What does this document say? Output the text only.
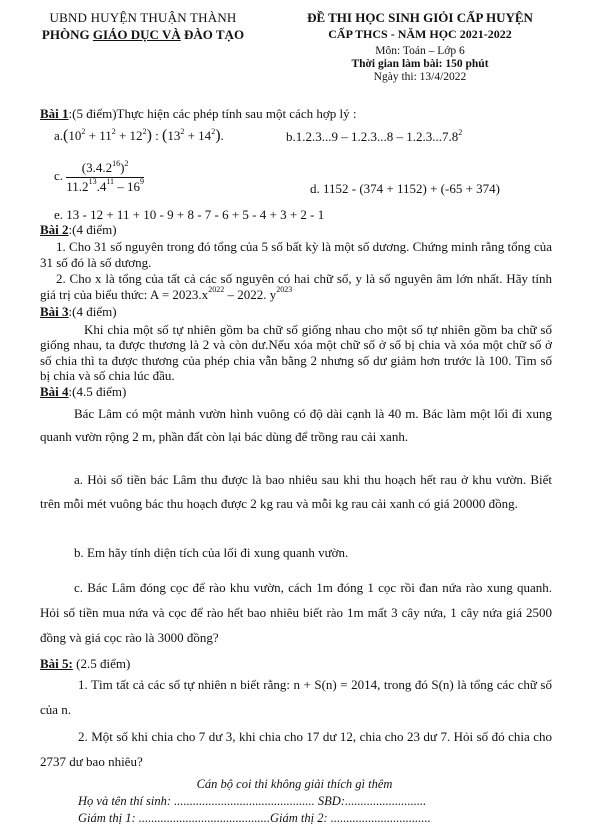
UBND HUYỆN THUẬN THÀNH
PHÒNG GIÁO DỤC VÀ ĐÀO TẠO
ĐỀ THI HỌC SINH GIỎI CẤP HUYỆN
CẤP THCS - NĂM HỌC 2021-2022
Môn: Toán – Lớp 6
Thời gian làm bài: 150 phút
Ngày thi: 13/4/2022
Bài 1:(5 điểm)Thực hiện các phép tính sau một cách hợp lý :
$a.(10^2 + 11^2 + 12^2)$ : $(13^2 + 14^2)$.	b.1.2.3...9 – 1.2.3...8 – 1.2.3...7.8$^2$
c. $\frac{(3.4.2^{16})^2}{11.2^{13}.4^{11} - 16^9}$	d. 1152 - (374 + 1152) + (-65 + 374)
e. 13 - 12 + 11 + 10 - 9 + 8 - 7 - 6 + 5 - 4 + 3 + 2 - 1
Bài 2:(4 điểm)
1. Cho 31 số nguyên trong đó tổng của 5 số bất kỳ là một số dương. Chứng minh rằng tổng của 31 số đó là số dương.
2. Cho x là tổng của tất cả các số nguyên có hai chữ số, y là số nguyên âm lớn nhất. Hãy tính giá trị của biểu thức: $A = 2023.x^{2022} - 2022$. $y^{2023}$
Bài 3:(4 điểm)
Khi chia một số tự nhiên gồm ba chữ số giống nhau cho một số tự nhiên gồm ba chữ số giống nhau, ta được thương là 2 và còn dư.Nếu xóa một chữ số ở số bị chia và xóa một chữ số ở số chia thì ta được thương của phép chia vẫn bằng 2 nhưng số dư giảm hơn trước là 100. Tìm số bị chia và số chia lúc đầu.
Bài 4:(4.5 điểm)
Bác Lâm có một mảnh vườn hình vuông có độ dài cạnh là 40 m. Bác làm một lối đi xung quanh vườn rộng 2 m, phần đất còn lại bác dùng để trồng rau cải xanh.
a. Hỏi số tiền bác Lâm thu được là bao nhiêu sau khi thu hoạch hết rau ở khu vườn. Biết trên mỗi mét vuông bác thu hoạch được 2 kg rau và mỗi kg rau cải xanh có giá 20000 đồng.
b. Em hãy tính diện tích của lối đi xung quanh vườn.
c. Bác Lâm đóng cọc để rào khu vườn, cách 1m đóng 1 cọc rồi đan nứa rào xung quanh. Hỏi số tiền mua nứa và cọc để rào hết bao nhiêu biết rào 1m mất 3 cây nứa, 1 cây nứa giá 2500 đồng và giá cọc rào là 3000 đồng?
Bài 5: (2.5 điểm)
1. Tìm tất cả các số tự nhiên n biết rằng: n + S(n) = 2014, trong đó S(n) là tổng các chữ số của n.
2. Một số khi chia cho 7 dư 3, khi chia cho 17 dư 12, chia cho 23 dư 7. Hỏi số đó chia cho 2737 dư bao nhiêu?
Cán bộ coi thi không giải thích gì thêm
Họ và tên thí sinh: ............................................. SBD:..........................
Giám thị 1: ..........................................Giám thị 2: ................................
